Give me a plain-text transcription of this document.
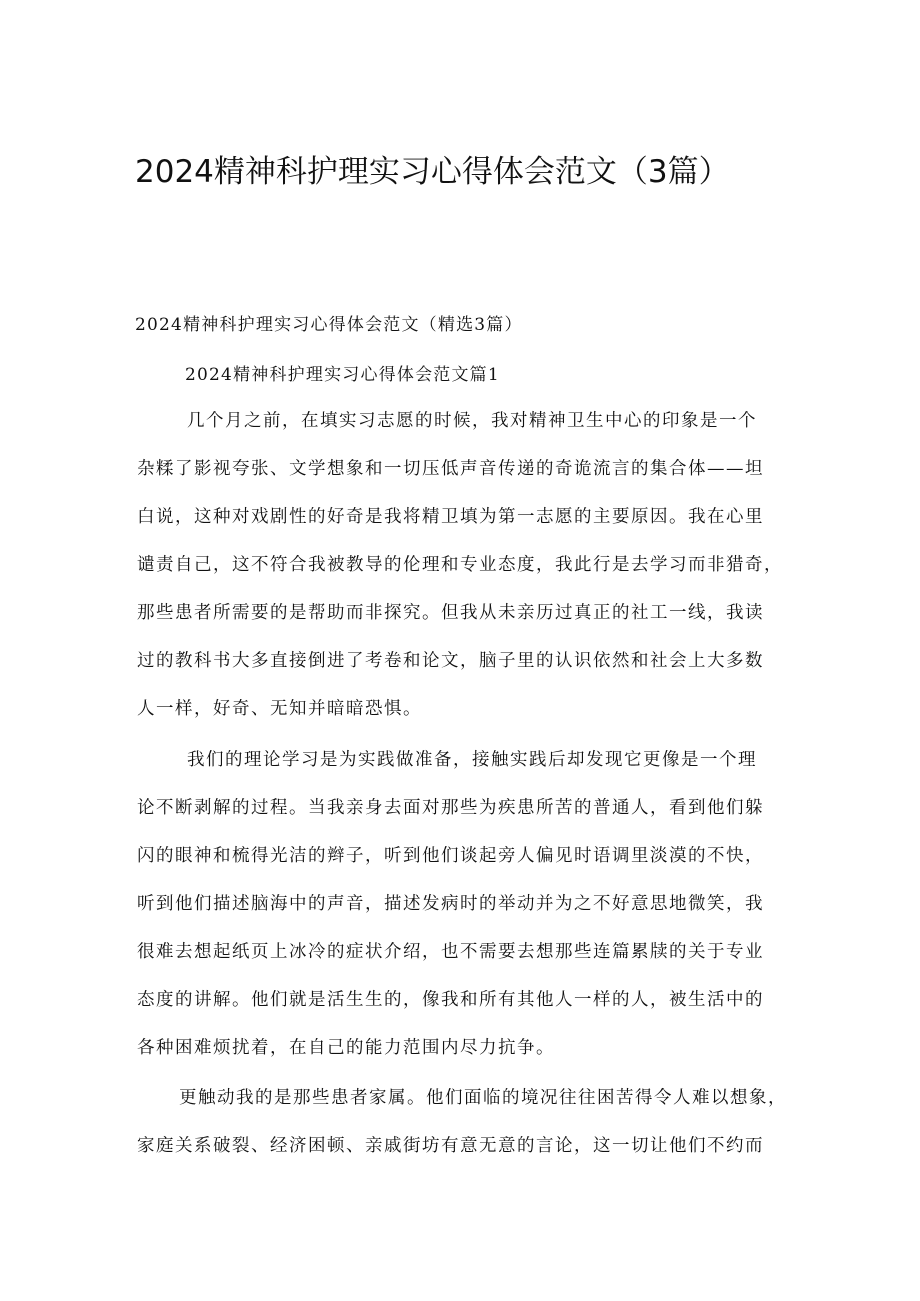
2024精神科护理实习心得体会范文（3篇）

2024精神科护理实习心得体会范文（精选3篇）

2024精神科护理实习心得体会范文篇1

几个月之前，在填实习志愿的时候，我对精神卫生中心的印象是一个
杂糅了影视夸张、文学想象和一切压低声音传递的奇诡流言的集合体——坦
白说，这种对戏剧性的好奇是我将精卫填为第一志愿的主要原因。我在心里
谴责自己，这不符合我被教导的伦理和专业态度，我此行是去学习而非猎奇，
那些患者所需要的是帮助而非探究。但我从未亲历过真正的社工一线，我读
过的教科书大多直接倒进了考卷和论文，脑子里的认识依然和社会上大多数
人一样，好奇、无知并暗暗恐惧。
我们的理论学习是为实践做准备，接触实践后却发现它更像是一个理
论不断剥解的过程。当我亲身去面对那些为疾患所苦的普通人，看到他们躲
闪的眼神和梳得光洁的辫子，听到他们谈起旁人偏见时语调里淡漠的不快，
听到他们描述脑海中的声音，描述发病时的举动并为之不好意思地微笑，我
很难去想起纸页上冰冷的症状介绍，也不需要去想那些连篇累牍的关于专业
态度的讲解。他们就是活生生的，像我和所有其他人一样的人，被生活中的
各种困难烦扰着，在自己的能力范围内尽力抗争。
更触动我的是那些患者家属。他们面临的境况往往困苦得令人难以想象，
家庭关系破裂、经济困顿、亲戚街坊有意无意的言论，这一切让他们不约而
